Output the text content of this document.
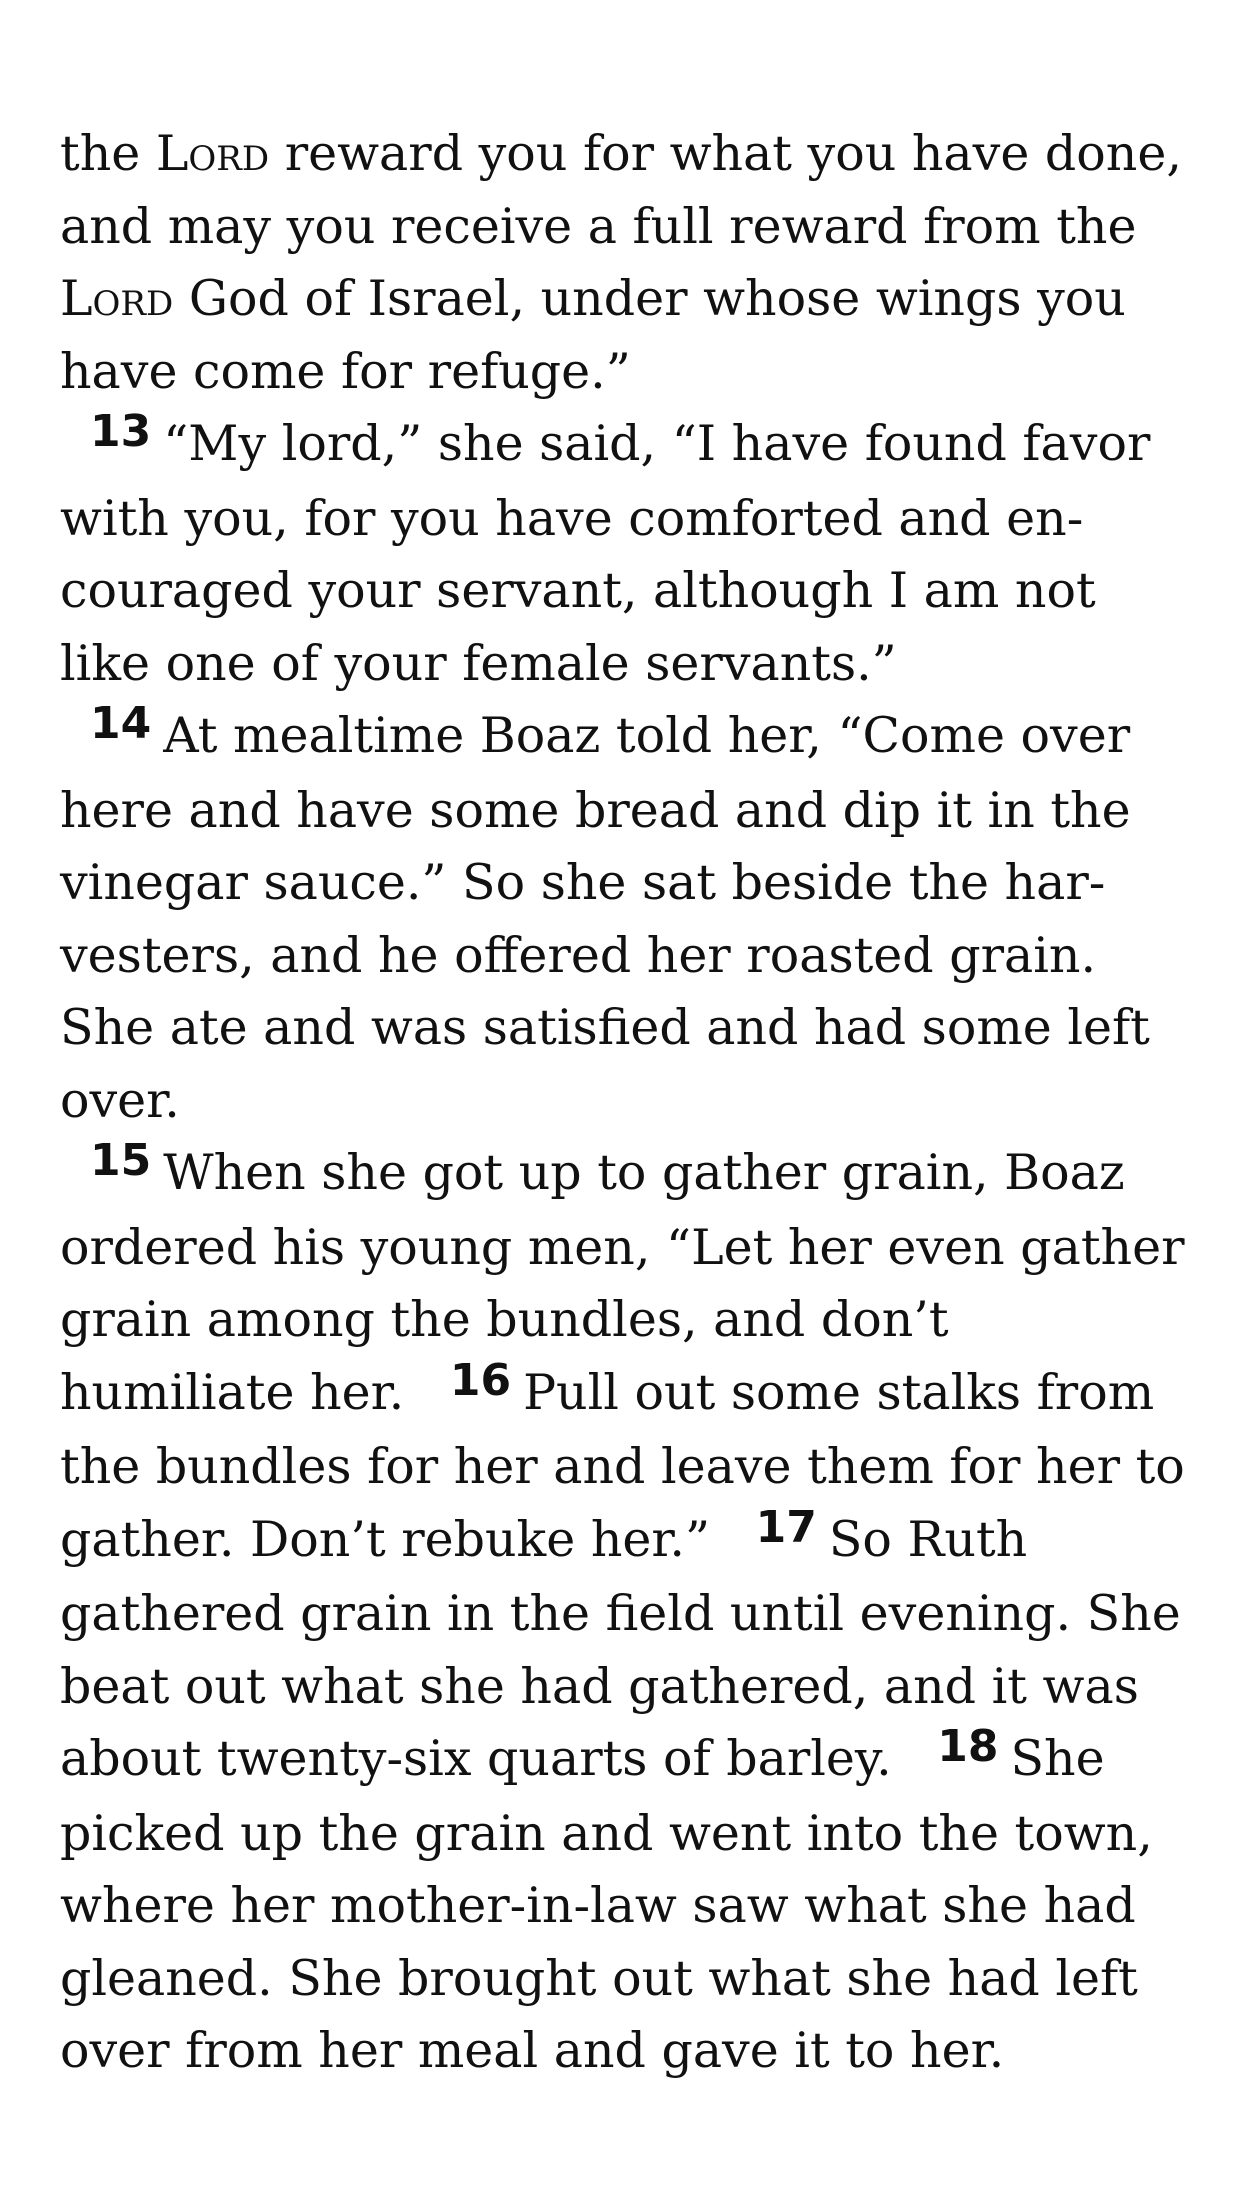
the Lord reward you for what you have done, and may you receive a full reward from the Lord God of Israel, under whose wings you have come for refuge.”

13 “My lord,” she said, “I have found favor with you, for you have comforted and encouraged your servant, although I am not like one of your female servants.”

14 At mealtime Boaz told her, “Come over here and have some bread and dip it in the vinegar sauce.” So she sat beside the harvesters, and he offered her roasted grain. She ate and was satisfied and had some left over.

15 When she got up to gather grain, Boaz ordered his young men, “Let her even gather grain among the bundles, and don’t humiliate her. 16 Pull out some stalks from the bundles for her and leave them for her to gather. Don’t rebuke her.” 17 So Ruth gathered grain in the field until evening. She beat out what she had gathered, and it was about twenty-six quarts of barley. 18 She picked up the grain and went into the town, where her mother-in-law saw what she had gleaned. She brought out what she had left over from her meal and gave it to her.
